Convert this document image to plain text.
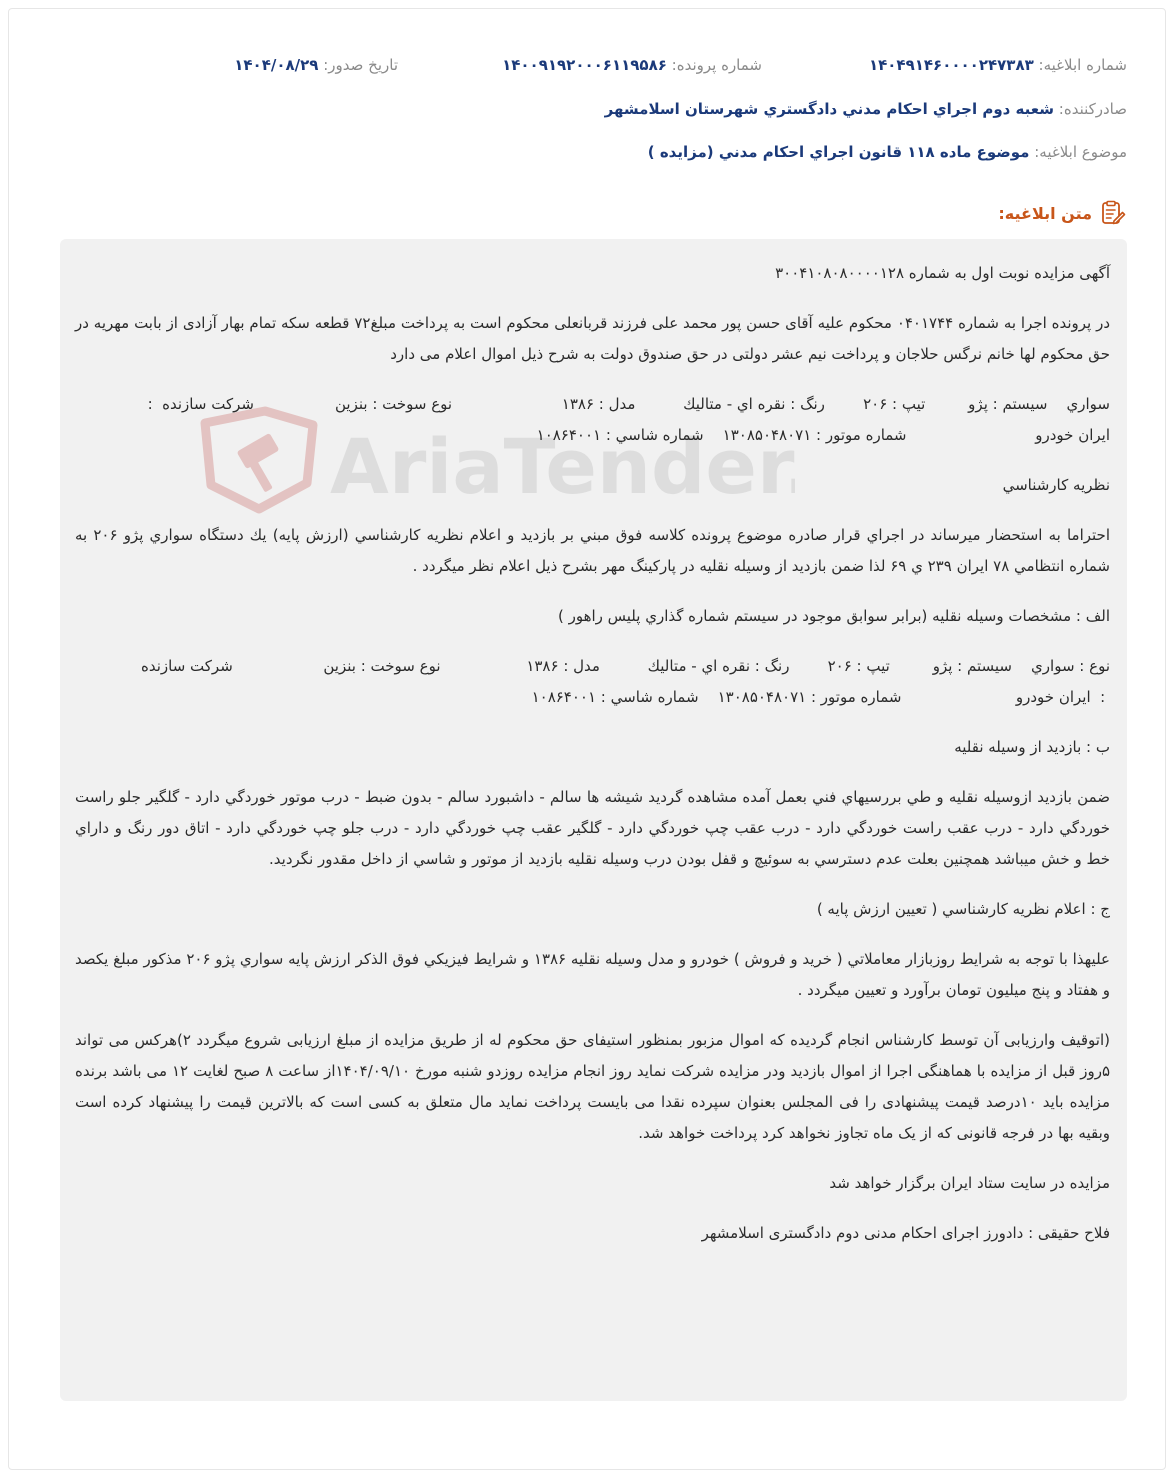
شماره ابلاغيه: ۱۴۰۴۹۱۴۶۰۰۰۰۲۴۷۳۸۳
شماره پرونده: ۱۴۰۰۹۱۹۲۰۰۰۶۱۱۹۵۸۶
تاريخ صدور: ۱۴۰۴/۰۸/۲۹
صادرکننده: شعبه دوم اجراي احكام مدني دادگستري شهرستان اسلامشهر
موضوع ابلاغيه: موضوع ماده ۱۱۸ قانون اجراي احكام مدني (مزايده )
متن ابلاغيه:
AriaTender

آگهی مزایده نوبت اول به شماره ۳۰۰۴۱۰۸۰۸۰۰۰۰۱۲۸

در پرونده اجرا به شماره ۰۴۰۱۷۴۴ محکوم علیه آقای حسن پور محمد علی فرزند قربانعلی محکوم است به پرداخت مبلغ۷۲ قطعه سکه تمام بهار آزادی از بابت مهریه در حق محکوم لها خانم نرگس حلاجان و پرداخت نیم عشر دولتی در حق صندوق دولت به شرح ذیل اموال اعلام می دارد

سواري    سيستم : پژو         تيپ : ۲۰۶        رنگ : نقره اي - متاليك          مدل : ۱۳۸۶                       نوع سوخت : بنزين                 شركت سازنده  :

ايران خودرو                           شماره موتور : ۱۳۰۸۵۰۴۸۰۷۱    شماره شاسي : ۱۰۸۶۴۰۰۱

نظريه كارشناسي

احتراما به استحضار ميرساند در اجراي قرار صادره موضوع پرونده كلاسه فوق مبني بر بازديد و اعلام نظريه كارشناسي (ارزش پايه) يك دستگاه سواري پژو ۲۰۶ به شماره انتظامي ۷۸ ايران ۲۳۹ ي ۶۹ لذا ضمن بازديد از وسيله نقليه در پاركينگ مهر بشرح ذيل اعلام نظر ميگردد .

الف : مشخصات وسيله نقليه (برابر سوابق موجود در سيستم شماره گذاري پليس راهور )

نوع : سواري    سيستم : پژو         تيپ : ۲۰۶        رنگ : نقره اي - متاليك          مدل : ۱۳۸۶                  نوع سوخت : بنزين                   شركت سازنده

:  ايران خودرو                        شماره موتور : ۱۳۰۸۵۰۴۸۰۷۱    شماره شاسي : ۱۰۸۶۴۰۰۱

ب : بازديد از وسيله نقليه

ضمن بازديد ازوسيله نقليه و طي بررسيهاي فني بعمل آمده مشاهده گرديد شيشه ها سالم - داشبورد سالم - بدون ضبط - درب موتور خوردگي دارد - گلگير جلو راست خوردگي دارد - درب عقب راست خوردگي دارد - درب عقب چپ خوردگي دارد - گلگير عقب چپ خوردگي دارد - درب جلو چپ خوردگي دارد - اتاق دور رنگ و داراي خط و خش ميباشد همچنين بعلت عدم دسترسي به سوئيچ و قفل بودن درب وسيله نقليه بازديد از موتور و شاسي از داخل مقدور نگرديد.

ج : اعلام نظريه كارشناسي ( تعيين ارزش پايه )

عليهذا با توجه به شرايط روزبازار معاملاتي ( خريد و فروش ) خودرو و مدل وسيله نقليه ۱۳۸۶ و شرايط فيزيكي فوق الذكر ارزش پايه سواري پژو ۲۰۶ مذكور مبلغ يكصد و هفتاد و پنج ميليون تومان برآورد و تعيين ميگردد .

(اتوقیف وارزیابی آن توسط کارشناس انجام گردیده که اموال مزبور بمنظور استیفای حق محکوم له از طریق مزایده از مبلغ ارزیابی شروع میگردد ۲)هرکس می تواند ۵روز قبل از مزایده با هماهنگی اجرا از اموال بازدید ودر مزایده شرکت نماید روز انجام مزایده روزدو شنبه مورخ ۱۴۰۴/۰۹/۱۰از ساعت ۸ صبح لغایت ۱۲ می باشد برنده مزایده باید ۱۰درصد قیمت پیشنهادی را فی المجلس بعنوان سپرده نقدا می بایست پرداخت نماید مال متعلق به کسی است که بالاترین قیمت را پیشنهاد کرده است وبقیه بها در فرجه قانونی که از یک ماه تجاوز نخواهد کرد پرداخت خواهد شد.

مزایده در سایت ستاد ایران برگزار خواهد شد

فلاح حقیقی : دادورز اجرای احکام مدنی دوم دادگستری اسلامشهر
